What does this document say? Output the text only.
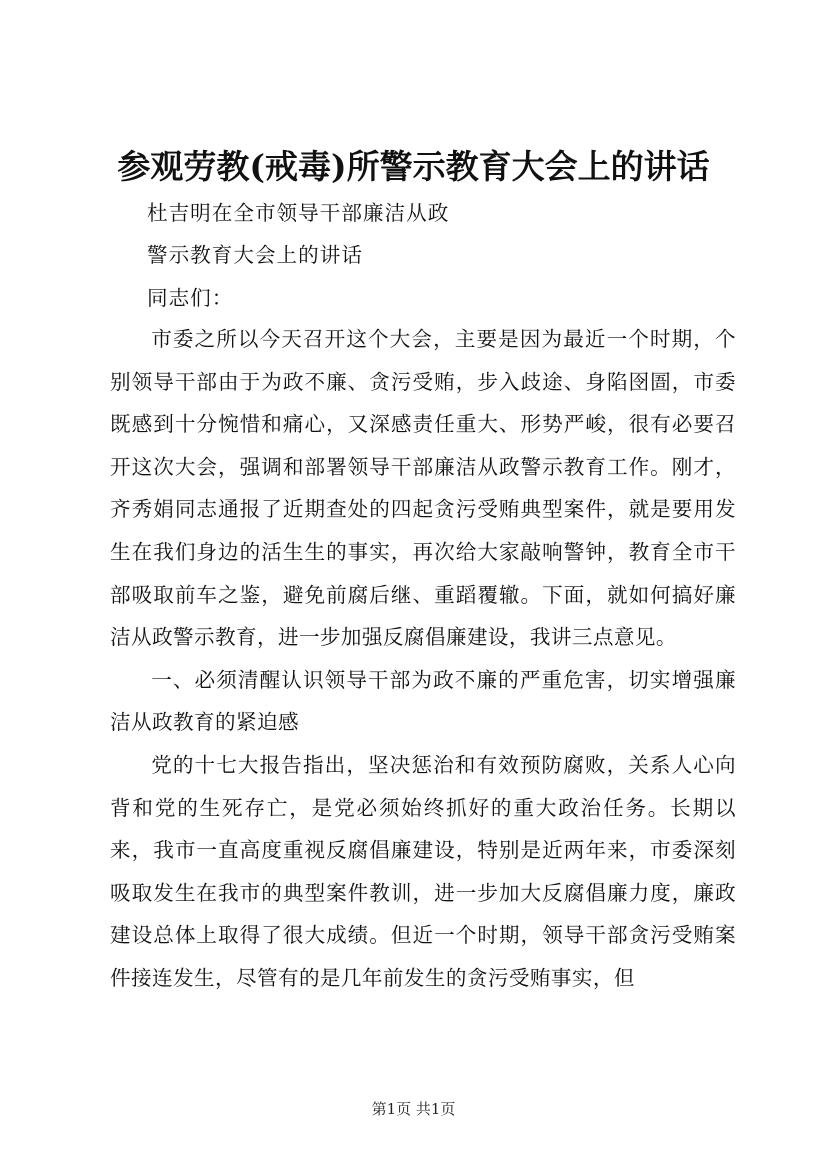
参观劳教(戒毒)所警示教育大会上的讲话
杜吉明在全市领导干部廉洁从政
警示教育大会上的讲话
同志们：

市委之所以今天召开这个大会，主要是因为最近一个时期，个别领导干部由于为政不廉、贪污受贿，步入歧途、身陷囹圄，市委既感到十分惋惜和痛心，又深感责任重大、形势严峻，很有必要召开这次大会，强调和部署领导干部廉洁从政警示教育工作。刚才，齐秀娟同志通报了近期查处的四起贪污受贿典型案件，就是要用发生在我们身边的活生生的事实，再次给大家敲响警钟，教育全市干部吸取前车之鉴，避免前腐后继、重蹈覆辙。下面，就如何搞好廉洁从政警示教育，进一步加强反腐倡廉建设，我讲三点意见。

一、必须清醒认识领导干部为政不廉的严重危害，切实增强廉洁从政教育的紧迫感

党的十七大报告指出，坚决惩治和有效预防腐败，关系人心向背和党的生死存亡，是党必须始终抓好的重大政治任务。长期以来，我市一直高度重视反腐倡廉建设，特别是近两年来，市委深刻吸取发生在我市的典型案件教训，进一步加大反腐倡廉力度，廉政建设总体上取得了很大成绩。但近一个时期，领导干部贪污受贿案件接连发生，尽管有的是几年前发生的贪污受贿事实，但

第1页 共1页
